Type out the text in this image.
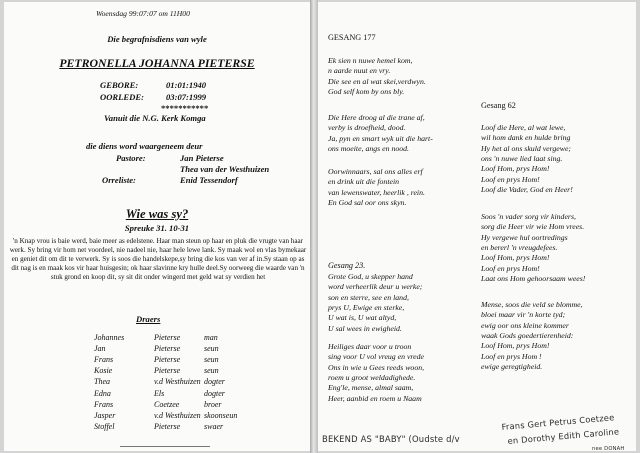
Woensdag 99:07:07 om 11H00
Die begrafnisdiens van wyle
PETRONELLA JOHANNA PIETERSE
GEBORE:	01:01:1940
OORLEDE:	03:07:1999
***********
Vanuit die N.G. Kerk Komga
die diens word waargeneem deur
Pastore:	Jan Pieterse
Thea van der Westhuizen
Orreliste:	Enid Tessendorf
Wie was sy?
Spreuke 31. 10-31
'n Knap vrou is baie werd, baie meer as edelstene. Haar man steun op haar en pluk die vrugte van haar werk. Sy bring vir hom net voordeel, nie nadeel nie, haar hele lewe lank. Sy maak wol en vlas bymekaar en geniet dit om dit te verwerk. Sy is soos die handelskepe,sy bring die kos van ver af in.Sy staan op as dit nag is en maak kos vir haar huisgesin; ok haar slavinne kry hulle deel.Sy oorweeg die waarde van 'n stuk grond en koop dit, sy sit dit onder wingerd met geld wat sy verdien het
Draers
Johannes	Pieterse	man
Jan	Pieterse	seun
Frans	Pieterse	seun
Kosie	Pieterse	seun
Thea	v.d Westhuizen dogter
Edna	Els	dogter
Frans	Coetzee	broer
Jasper	v.d Westhuizen skoonseun
Stoffel	Pieterse	swaer
GESANG 177
Ek sien n nuwe hemel kom,
n aarde nuut en vry.
Die see en al wat skei,verdwyn.
God self kom by ons bly.
Die Here droog al die trane af,
verby is droefheid, dood.
Ja, pyn en smart wyk uit die hart-
ons moeite, angs en nood.
Oorwinnaars, sal ons alles erf
en drink uit die fontein
van lewenswater, heerlik , rein.
En God sal oor ons skyn.
Gesang 62
Loof die Here, al wat lewe,
wil hom dank en hulde bring
Hy het al ons skuld vergewe;
ons 'n nuwe lied laat sing.
Loof Hom, prys Hom!
Loof en prys Hom!
Loof die Vader, God en Heer!
Soos 'n vader sorg vir kinders,
sorg die Heer vir wie Hom vrees.
Hy vergewe hul oortredings
en bererl 'n vreugdefees.
Loof Hom, prys Hom!
Loof en prys Hom!
Laat ons Hom gehoorsaam wees!
Mense, soos die veld se blomme,
bloei maar vir 'n korte tyd;
ewig oor ons kleine kommer
waak Gods goedertierenheid:
Loof Hom, prys Hom!
Loof en prys Hom !
ewige geregtigheid.
Gesang 23.
Grote God, u skepper hand
word verheerlik deur u werke;
son en sterre, see en land,
prys U, Ewige en sterke,
U wat is, U wat altyd,
U sal wees in ewigheid.
Heiliges daar voor u troon
sing voor U vol vreug en vrede
Ons in wie u Gees reeds woon,
roem u groot weldadighede.
Eng'le, mense, almal saam,
Heer, aanbid en roem u Naam
BEKEND AS "BABY" (Oudste d/v
Frans Gert Petrus Coetzee
en Dorothy Edith Caroline
nee DONAH
